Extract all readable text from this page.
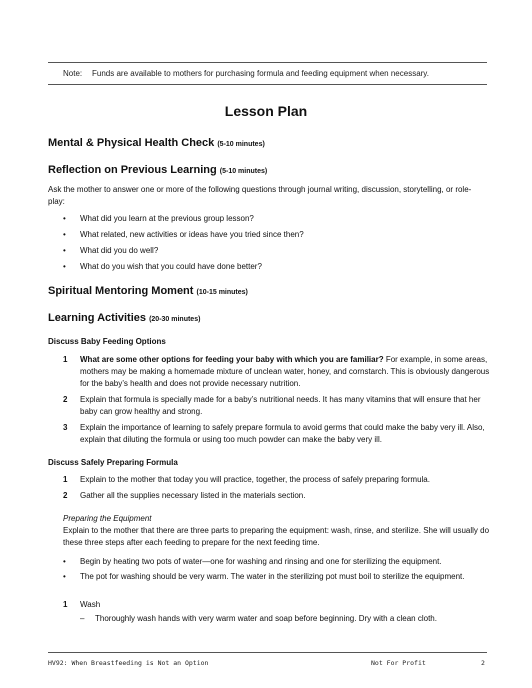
Note: Funds are available to mothers for purchasing formula and feeding equipment when necessary.
Lesson Plan
Mental & Physical Health Check (5-10 minutes)
Reflection on Previous Learning (5-10 minutes)
Ask the mother to answer one or more of the following questions through journal writing, discussion, storytelling, or role-play:
• What did you learn at the previous group lesson?
• What related, new activities or ideas have you tried since then?
• What did you do well?
• What do you wish that you could have done better?
Spiritual Mentoring Moment (10-15 minutes)
Learning Activities (20-30 minutes)
Discuss Baby Feeding Options
1 What are some other options for feeding your baby with which you are familiar? For example, in some areas, mothers may be making a homemade mixture of unclean water, honey, and cornstarch. This is obviously dangerous for the baby’s health and does not provide necessary nutrition.
2 Explain that formula is specially made for a baby’s nutritional needs. It has many vitamins that will ensure that her baby can grow healthy and strong.
3 Explain the importance of learning to safely prepare formula to avoid germs that could make the baby very ill. Also, explain that diluting the formula or using too much powder can make the baby very ill.
Discuss Safely Preparing Formula
1 Explain to the mother that today you will practice, together, the process of safely preparing formula.
2 Gather all the supplies necessary listed in the materials section.
Preparing the Equipment
Explain to the mother that there are three parts to preparing the equipment: wash, rinse, and sterilize. She will usually do these three steps after each feeding to prepare for the next feeding time.
• Begin by heating two pots of water—one for washing and rinsing and one for sterilizing the equipment.
• The pot for washing should be very warm. The water in the sterilizing pot must boil to sterilize the equipment.
1 Wash
– Thoroughly wash hands with very warm water and soap before beginning. Dry with a clean cloth.
HV92: When Breastfeeding is Not an Option	Not For Profit	2
